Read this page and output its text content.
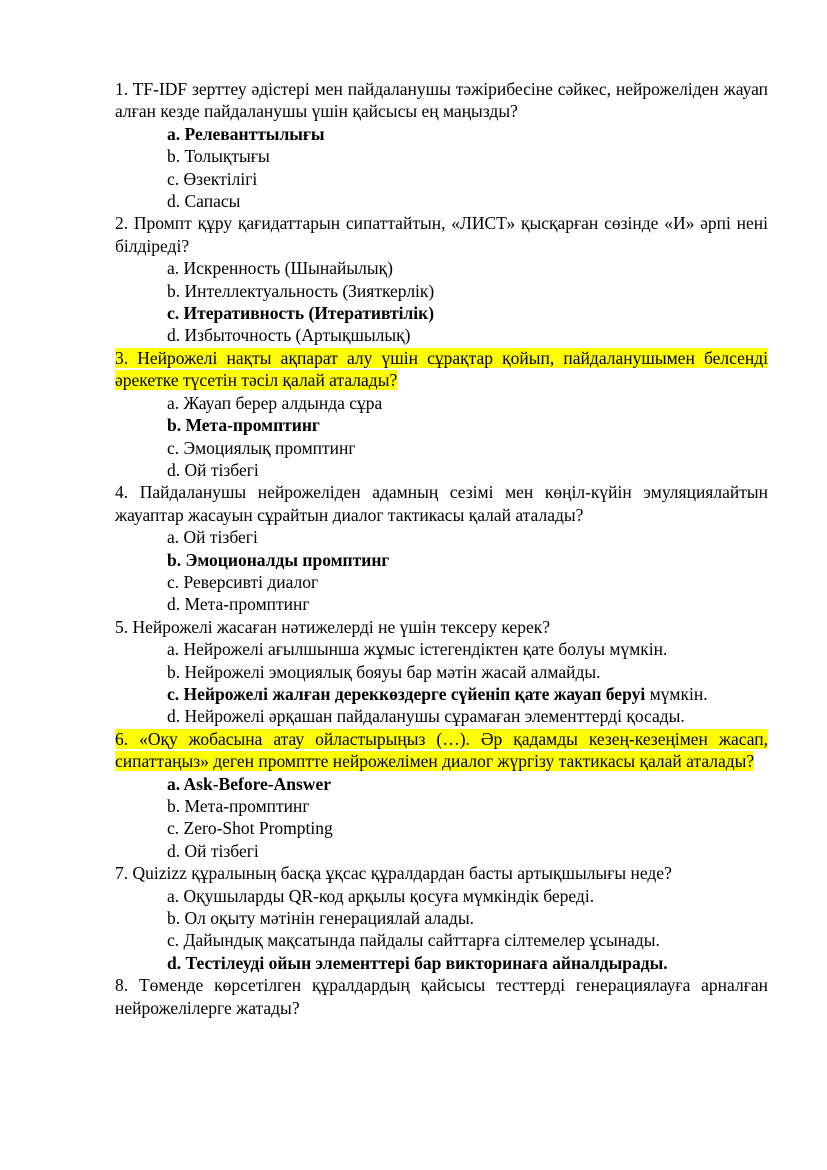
1. TF-IDF зерттеу әдістері мен пайдаланушы тәжірибесіне сәйкес, нейрожеліден жауап алған кезде пайдаланушы үшін қайсысы ең маңызды?

a. Релеванттылығы

b. Толықтығы

c. Өзектілігі

d. Сапасы

2. Промпт құру қағидаттарын сипаттайтын, «ЛИСТ» қысқарған сөзінде «И» әрпі нені білдіреді?

a. Искренность (Шынайылық)

b. Интеллектуальность (Зияткерлік)

c. Итеративность (Итеративтілік)

d. Избыточность (Артықшылық)

3. Нейрожелі нақты ақпарат алу үшін сұрақтар қойып, пайдаланушымен белсенді әрекетке түсетін тәсіл қалай аталады?

a. Жауап берер алдында сұра

b. Мета-промптинг

c. Эмоциялық промптинг

d. Ой тізбегі

4. Пайдаланушы нейрожеліден адамның сезімі мен көңіл-күйін эмуляциялайтын жауаптар жасауын сұрайтын диалог тактикасы қалай аталады?

a. Ой тізбегі

b. Эмоционалды промптинг

c. Реверсивті диалог

d. Мета-промптинг

5. Нейрожелі жасаған нәтижелерді не үшін тексеру керек?

a. Нейрожелі ағылшынша жұмыс істегендіктен қате болуы мүмкін.

b. Нейрожелі эмоциялық бояуы бар мәтін жасай алмайды.

c. Нейрожелі жалған дереккөздерге сүйеніп қате жауап беруі мүмкін.

d. Нейрожелі әрқашан пайдаланушы сұрамаған элементтерді қосады.

6. «Оқу жобасына атау ойластырыңыз (…). Әр қадамды кезең-кезеңімен жасап, сипаттаңыз» деген промптте нейрожелімен диалог жүргізу тактикасы қалай аталады?

a. Ask-Before-Answer

b. Мета-промптинг

c. Zero-Shot Prompting

d. Ой тізбегі

7. Quizizz құралының басқа ұқсас құралдардан басты артықшылығы неде?

a. Оқушыларды QR-код арқылы қосуға мүмкіндік береді.

b. Ол оқыту мәтінін генерациялай алады.

c. Дайындық мақсатында пайдалы сайттарға сілтемелер ұсынады.

d. Тестілеуді ойын элементтері бар викторинаға айналдырады.

8. Төменде көрсетілген құралдардың қайсысы тесттерді генерациялауға арналған нейрожелілерге жатады?
